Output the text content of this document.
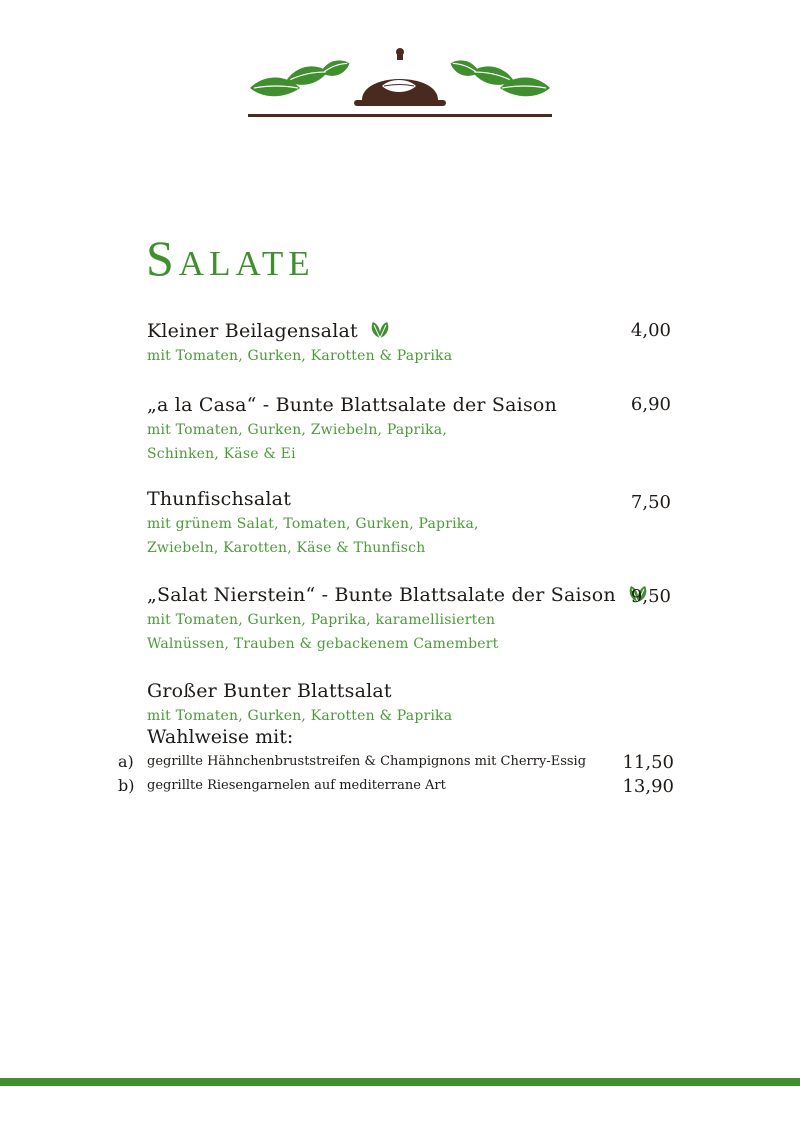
Salate
Kleiner Beilagensalat	4,00
mit Tomaten, Gurken, Karotten & Paprika
„a la Casa“ - Bunte Blattsalate der Saison	6,90
mit Tomaten, Gurken, Zwiebeln, Paprika,
Schinken, Käse & Ei
Thunfischsalat	7,50
mit grünem Salat, Tomaten, Gurken, Paprika,
Zwiebeln, Karotten, Käse & Thunfisch
„Salat Nierstein“ - Bunte Blattsalate der Saison 9,50
mit Tomaten, Gurken, Paprika, karamellisierten
Walnüssen, Trauben & gebackenem Camembert
Großer Bunter Blattsalat
mit Tomaten, Gurken, Karotten & Paprika
Wahlweise mit:
a) gegrillte Hähnchenbruststreifen & Champignons mit Cherry-Essig 11,50
b) gegrillte Riesengarnelen auf mediterrane Art	13,90
